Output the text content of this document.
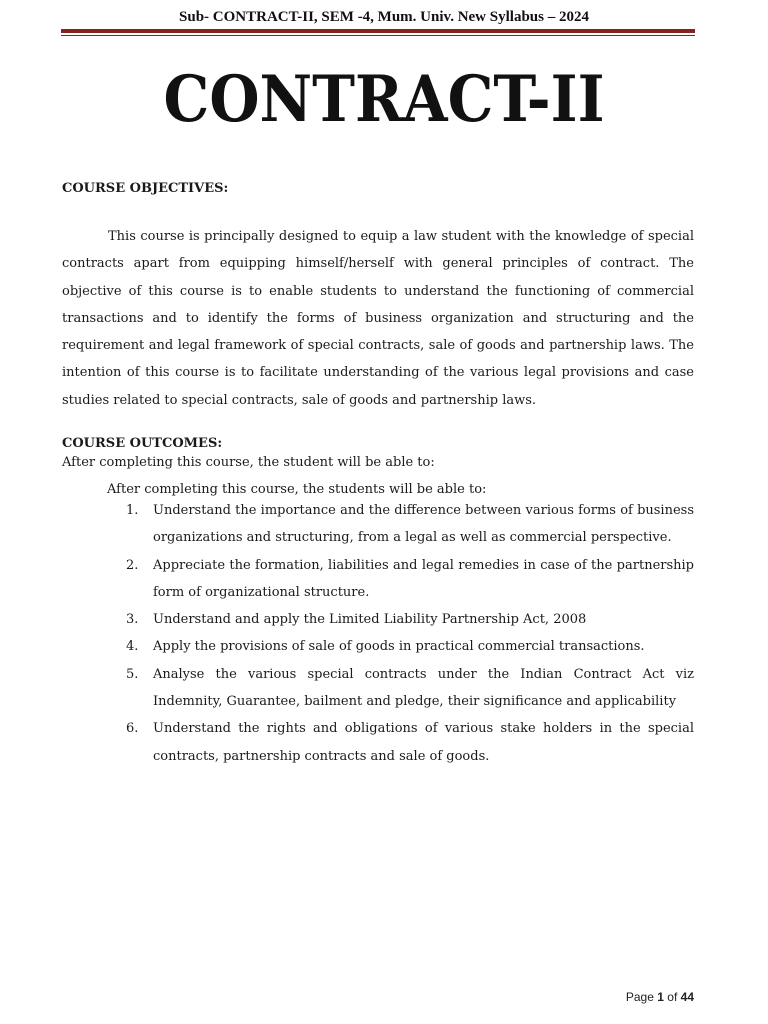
Sub- CONTRACT-II, SEM -4, Mum. Univ. New Syllabus – 2024
CONTRACT-II
COURSE OBJECTIVES:
This course is principally designed to equip a law student with the knowledge of special contracts apart from equipping himself/herself with general principles of contract. The objective of this course is to enable students to understand the functioning of commercial transactions and to identify the forms of business organization and structuring and the requirement and legal framework of special contracts, sale of goods and partnership laws. The intention of this course is to facilitate understanding of the various legal provisions and case studies related to special contracts, sale of goods and partnership laws.
COURSE OUTCOMES:
After completing this course, the student will be able to:
After completing this course, the students will be able to:
1. Understand the importance and the difference between various forms of business organizations and structuring, from a legal as well as commercial perspective.
2. Appreciate the formation, liabilities and legal remedies in case of the partnership form of organizational structure.
3. Understand and apply the Limited Liability Partnership Act, 2008
4. Apply the provisions of sale of goods in practical commercial transactions.
5. Analyse the various special contracts under the Indian Contract Act viz Indemnity, Guarantee, bailment and pledge, their significance and applicability
6. Understand the rights and obligations of various stake holders in the special contracts, partnership contracts and sale of goods.
Page 1 of 44
